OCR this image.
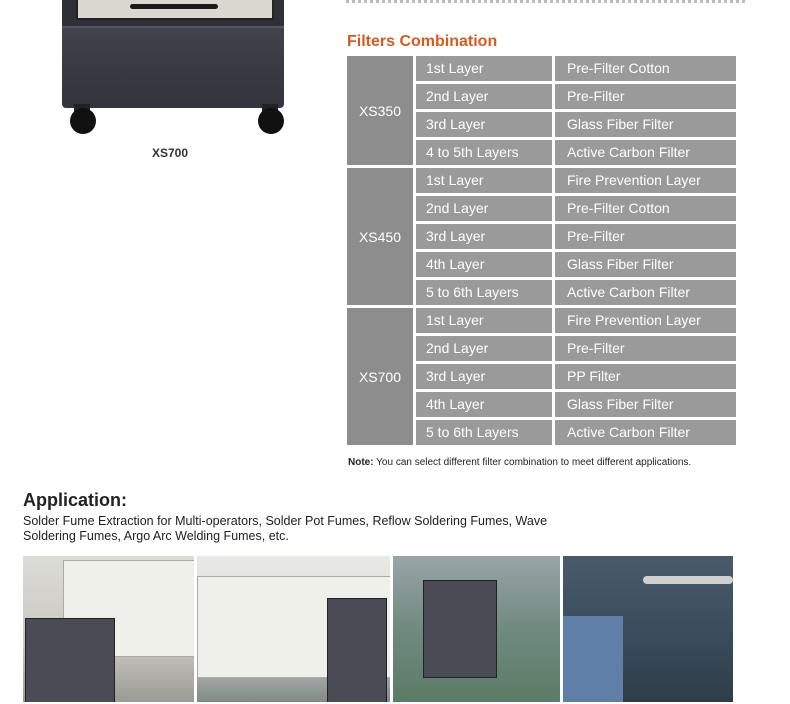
XS700
Filters Combination
XS350
1st Layer	Pre-Filter Cotton
2nd Layer	Pre-Filter
3rd Layer	Glass Fiber Filter
4 to 5th Layers	Active Carbon Filter
XS450
1st Layer	Fire Prevention Layer
2nd Layer	Pre-Filter Cotton
3rd Layer	Pre-Filter
4th Layer	Glass Fiber Filter
5 to 6th Layers	Active Carbon Filter
XS700
1st Layer	Fire Prevention Layer
2nd Layer	Pre-Filter
3rd Layer	PP Filter
4th Layer	Glass Fiber Filter
5 to 6th Layers	Active Carbon Filter
Note: You can select different filter combination to meet different applications.
Application:
Solder Fume Extraction for Multi-operators, Solder Pot Fumes, Reflow Soldering Fumes, Wave Soldering Fumes, Argo Arc Welding Fumes, etc.
